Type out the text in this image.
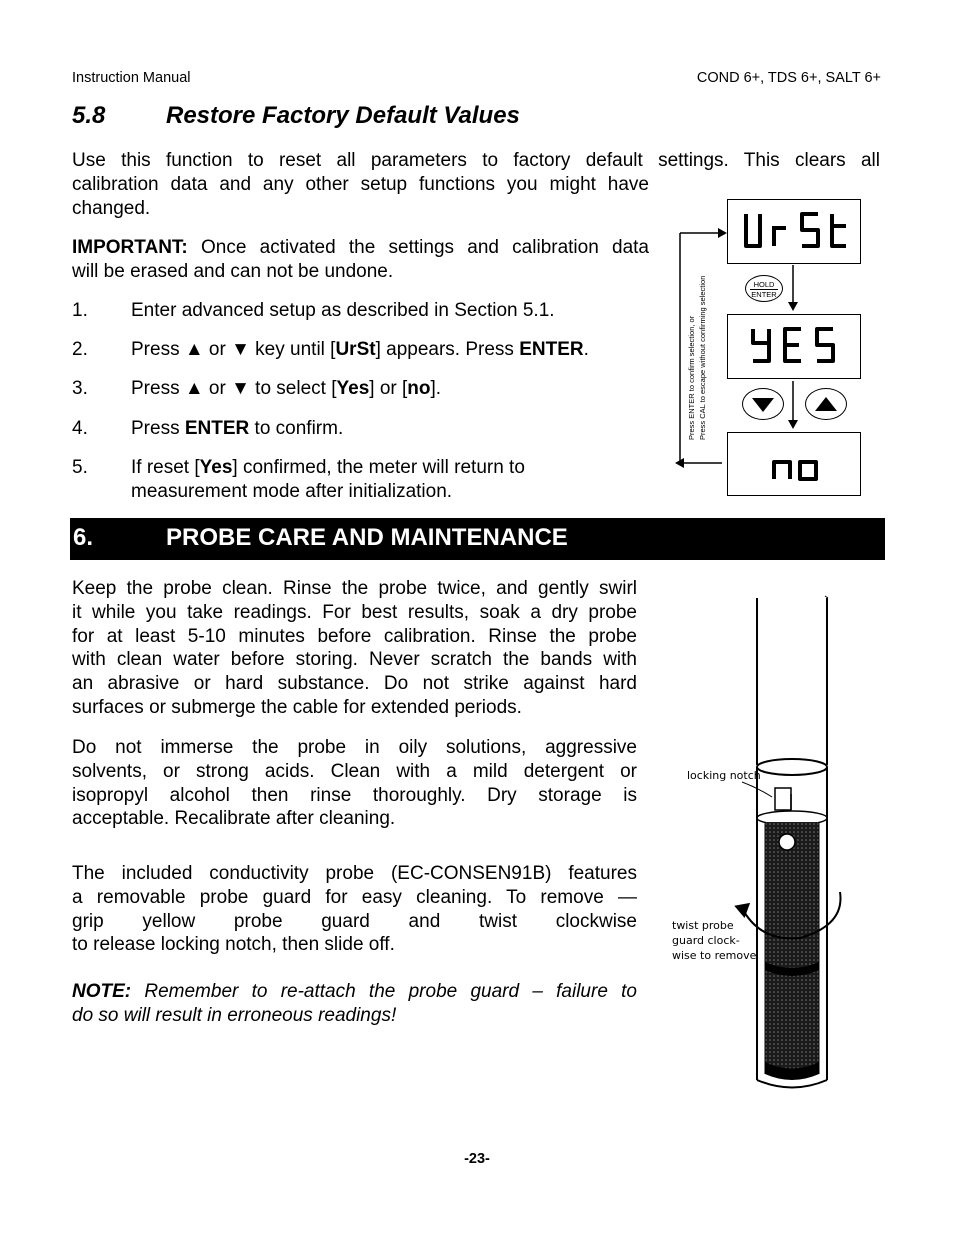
Instruction Manual	COND 6+, TDS 6+, SALT 6+
5.8	Restore Factory Default Values
Use this function to reset all parameters to factory default settings. This clears all
calibration data and any other setup functions you might have
changed.
IMPORTANT: Once activated the settings and calibration data
will be erased and can not be undone.
1. Enter advanced setup as described in Section 5.1.
2. Press ▲ or ▼ key until [UrSt] appears. Press ENTER.
3. Press ▲ or ▼ to select [Yes] or [no].
4. Press ENTER to confirm.
5. If reset [Yes] confirmed, the meter will return to
measurement mode after initialization.
Press ENTER to confirm selection, or Press CAL to escape without confirming selection
UrSt
HOLD
ENTER
YES
no
6.	PROBE CARE AND MAINTENANCE
Keep the probe clean. Rinse the probe twice, and gently swirl
it while you take readings. For best results, soak a dry probe
for at least 5-10 minutes before calibration. Rinse the probe
with clean water before storing. Never scratch the bands with
an abrasive or hard substance. Do not strike against hard
surfaces or submerge the cable for extended periods.
Do not immerse the probe in oily solutions, aggressive
solvents, or strong acids. Clean with a mild detergent or
isopropyl alcohol then rinse thoroughly. Dry storage is
acceptable. Recalibrate after cleaning.
The included conductivity probe (EC-CONSEN91B) features
a removable probe guard for easy cleaning. To remove —
grip yellow probe guard and twist clockwise
to release locking notch, then slide off.
NOTE: Remember to re-attach the probe guard – failure to
do so will result in erroneous readings!
locking notch
twist probe
guard clock-
wise to remove
-23-
